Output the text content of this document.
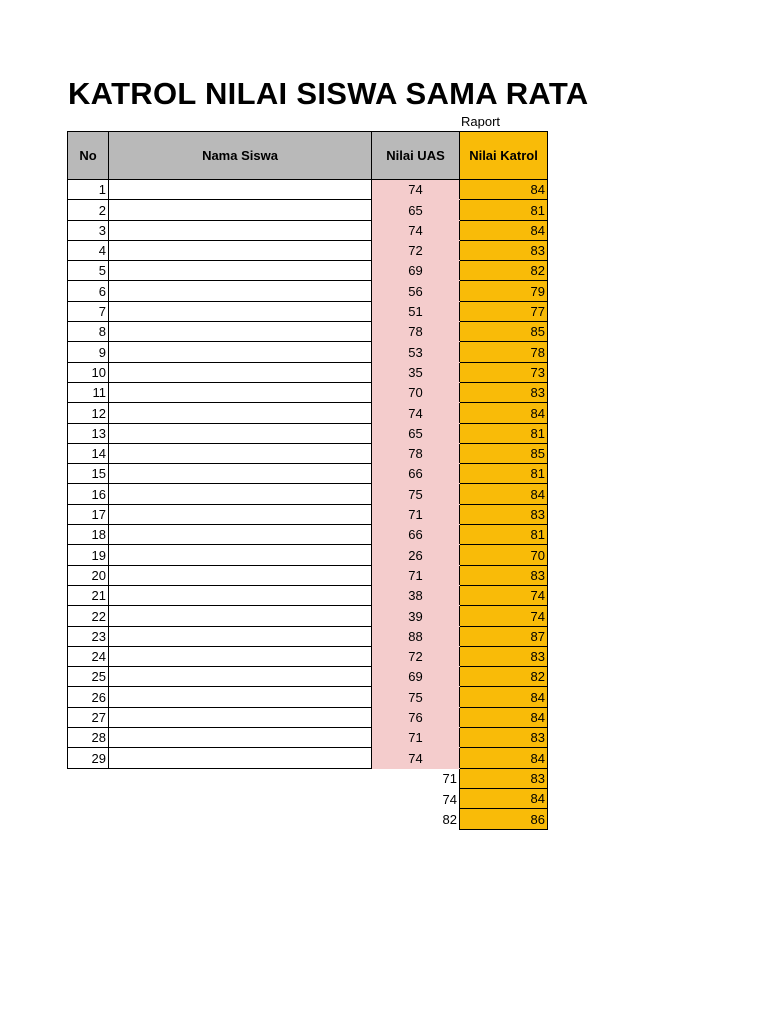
KATROL NILAI SISWA SAMA RATA
Raport
No	Nama Siswa	Nilai UAS	Nilai Katrol
1		74	84
2		65	81
3		74	84
4		72	83
5		69	82
6		56	79
7		51	77
8		78	85
9		53	78
10		35	73
11		70	83
12		74	84
13		65	81
14		78	85
15		66	81
16		75	84
17		71	83
18		66	81
19		26	70
20		71	83
21		38	74
22		39	74
23		88	87
24		72	83
25		69	82
26		75	84
27		76	84
28		71	83
29		74	84
		71	83
		74	84
		82	86
